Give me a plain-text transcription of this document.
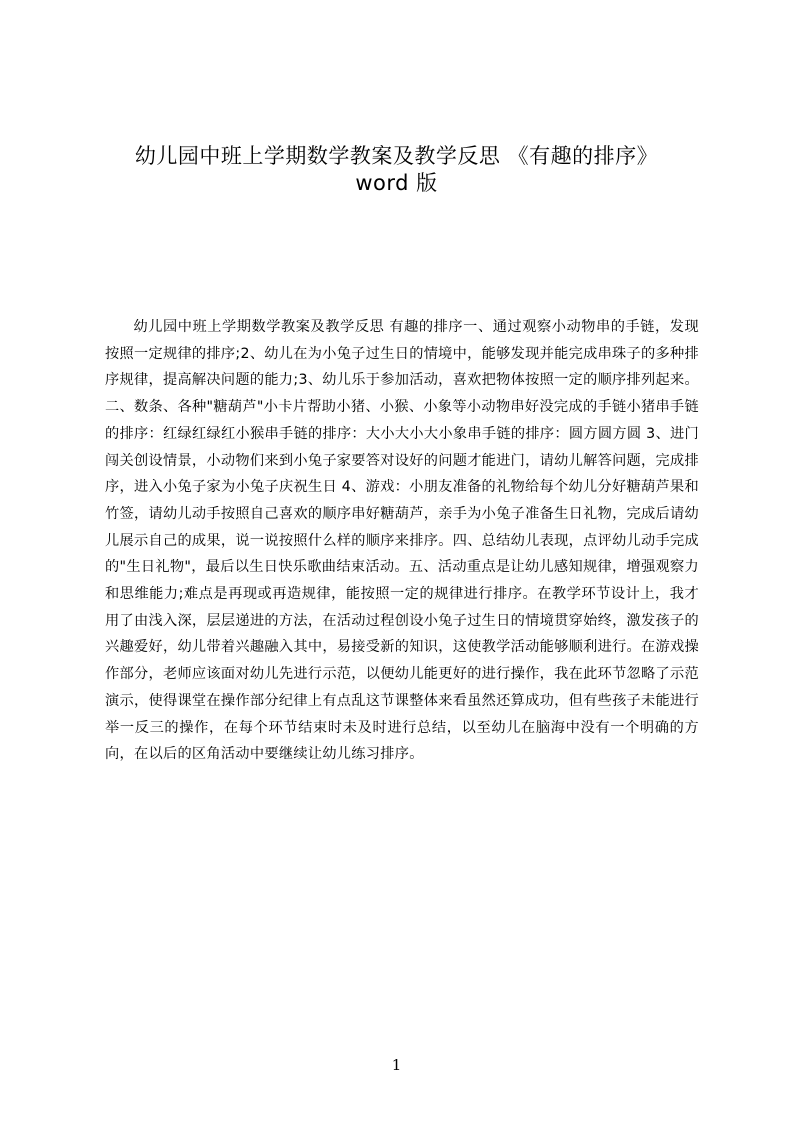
幼儿园中班上学期数学教案及教学反思 《有趣的排序》
word 版

幼儿园中班上学期数学教案及教学反思 有趣的排序一、通过观察小动物串的手链，发现按照一定规律的排序;2、幼儿在为小兔子过生日的情境中，能够发现并能完成串珠子的多种排序规律，提高解决问题的能力;3、幼儿乐于参加活动，喜欢把物体按照一定的顺序排列起来。二、数条、各种"糖葫芦"小卡片帮助小猪、小猴、小象等小动物串好没完成的手链小猪串手链的排序：红绿红绿红小猴串手链的排序：大小大小大小象串手链的排序：圆方圆方圆 3、进门闯关创设情景，小动物们来到小兔子家要答对设好的问题才能进门，请幼儿解答问题，完成排序，进入小兔子家为小兔子庆祝生日 4、游戏：小朋友准备的礼物给每个幼儿分好糖葫芦果和竹签，请幼儿动手按照自己喜欢的顺序串好糖葫芦，亲手为小兔子准备生日礼物，完成后请幼儿展示自己的成果，说一说按照什么样的顺序来排序。四、总结幼儿表现，点评幼儿动手完成的"生日礼物"，最后以生日快乐歌曲结束活动。五、活动重点是让幼儿感知规律，增强观察力和思维能力;难点是再现或再造规律，能按照一定的规律进行排序。在教学环节设计上，我才用了由浅入深，层层递进的方法，在活动过程创设小兔子过生日的情境贯穿始终，激发孩子的兴趣爱好，幼儿带着兴趣融入其中，易接受新的知识，这使教学活动能够顺利进行。在游戏操作部分，老师应该面对幼儿先进行示范，以便幼儿能更好的进行操作，我在此环节忽略了示范演示，使得课堂在操作部分纪律上有点乱这节课整体来看虽然还算成功，但有些孩子未能进行举一反三的操作，在每个环节结束时未及时进行总结，以至幼儿在脑海中没有一个明确的方向，在以后的区角活动中要继续让幼儿练习排序。

1
